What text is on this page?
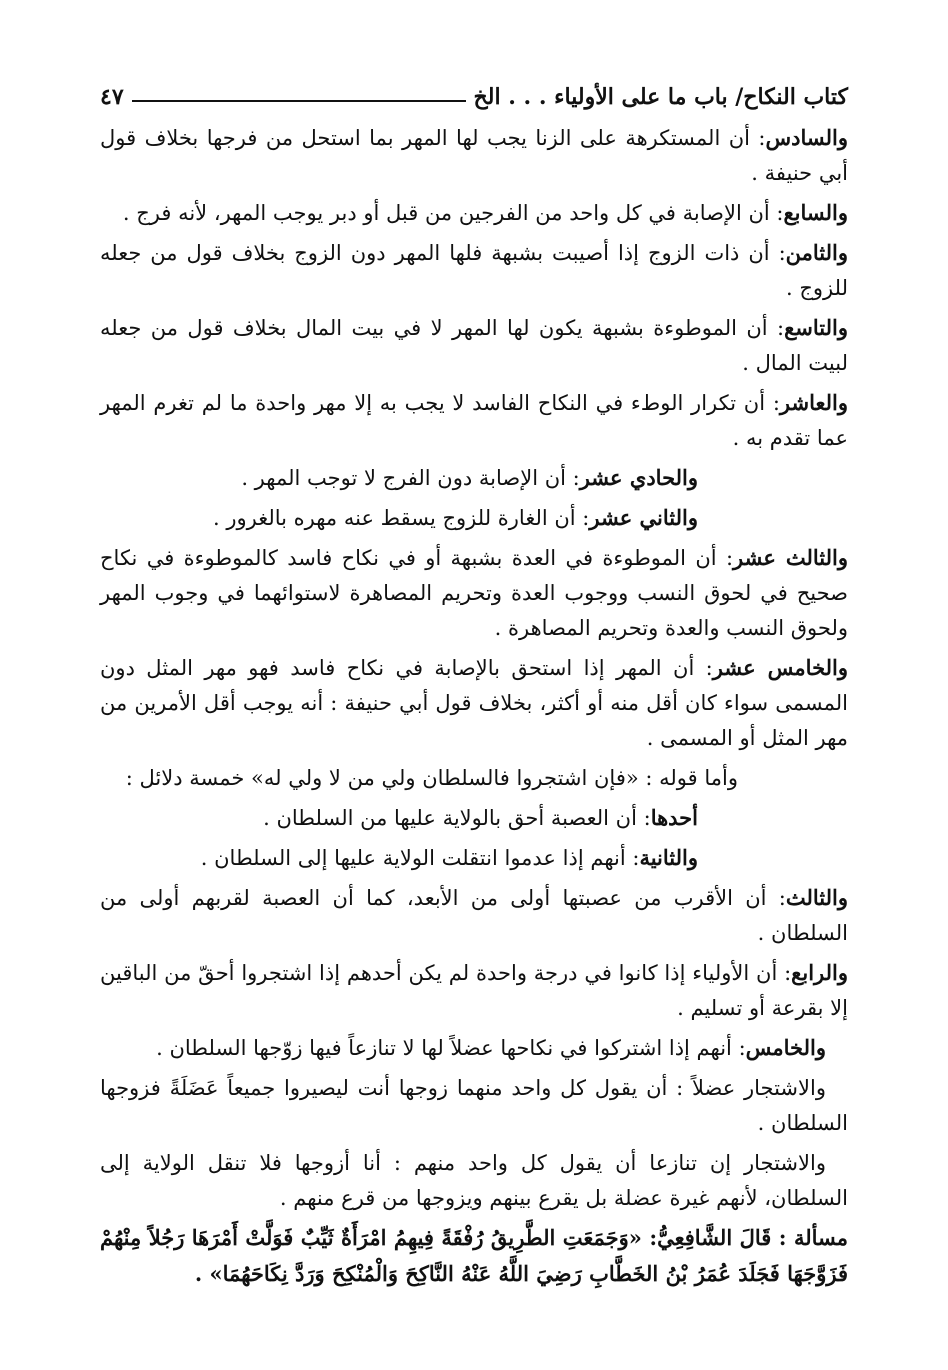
كتاب النكاح/ باب ما على الأولياء . . . الخ
٤٧

والسادس: أن المستكرهة على الزنا يجب لها المهر بما استحل من فرجها بخلاف قول أبي حنيفة .

والسابع: أن الإصابة في كل واحد من الفرجين من قبل أو دبر يوجب المهر، لأنه فرج .

والثامن: أن ذات الزوج إذا أصيبت بشبهة فلها المهر دون الزوج بخلاف قول من جعله للزوج .

والتاسع: أن الموطوءة بشبهة يكون لها المهر لا في بيت المال بخلاف قول من جعله لبيت المال .

والعاشر: أن تكرار الوطء في النكاح الفاسد لا يجب به إلا مهر واحدة ما لم تغرم المهر عما تقدم به .

والحادي عشر: أن الإصابة دون الفرج لا توجب المهر .

والثاني عشر: أن الغارة للزوج يسقط عنه مهره بالغرور .

والثالث عشر: أن الموطوءة في العدة بشبهة أو في نكاح فاسد كالموطوءة في نكاح صحيح في لحوق النسب ووجوب العدة وتحريم المصاهرة لاستوائهما في وجوب المهر ولحوق النسب والعدة وتحريم المصاهرة .

والخامس عشر: أن المهر إذا استحق بالإصابة في نكاح فاسد فهو مهر المثل دون المسمى سواء كان أقل منه أو أكثر، بخلاف قول أبي حنيفة : أنه يوجب أقل الأمرين من مهر المثل أو المسمى .

وأما قوله : «فإن اشتجروا فالسلطان ولي من لا ولي له» خمسة دلائل :

أحدها: أن العصبة أحق بالولاية عليها من السلطان .

والثانية: أنهم إذا عدموا انتقلت الولاية عليها إلى السلطان .

والثالث: أن الأقرب من عصبتها أولى من الأبعد، كما أن العصبة لقربهم أولى من السلطان .

والرابع: أن الأولياء إذا كانوا في درجة واحدة لم يكن أحدهم إذا اشتجروا أحقّ من الباقين إلا بقرعة أو تسليم .

والخامس: أنهم إذا اشتركوا في نكاحها عضلاً لها لا تنازعاً فيها زوّجها السلطان .

والاشتجار عضلاً : أن يقول كل واحد منهما زوجها أنت ليصيروا جميعاً عَضَلَةً فزوجها السلطان .

والاشتجار إن تنازعا أن يقول كل واحد منهم : أنا أزوجها فلا تنقل الولاية إلى السلطان، لأنهم غيرة عضلة بل يقرع بينهم ويزوجها من قرع منهم .

مسألة : قَالَ الشَّافِعِيُّ: «وَجَمَعَتِ الطَّرِيقُ رُفْقَةً فِيهِمُ امْرَأَةٌ ثَيِّبٌ فَوَلَّتْ أَمْرَهَا رَجُلاً مِنْهُمْ فَزَوَّجَهَا فَجَلَدَ عُمَرُ بْنُ الخَطَّابِ رَضِيَ اللَّهُ عَنْهُ النَّاكِحَ وَالْمُنْكِحَ وَرَدَّ نِكَاحَهُمَا» .
